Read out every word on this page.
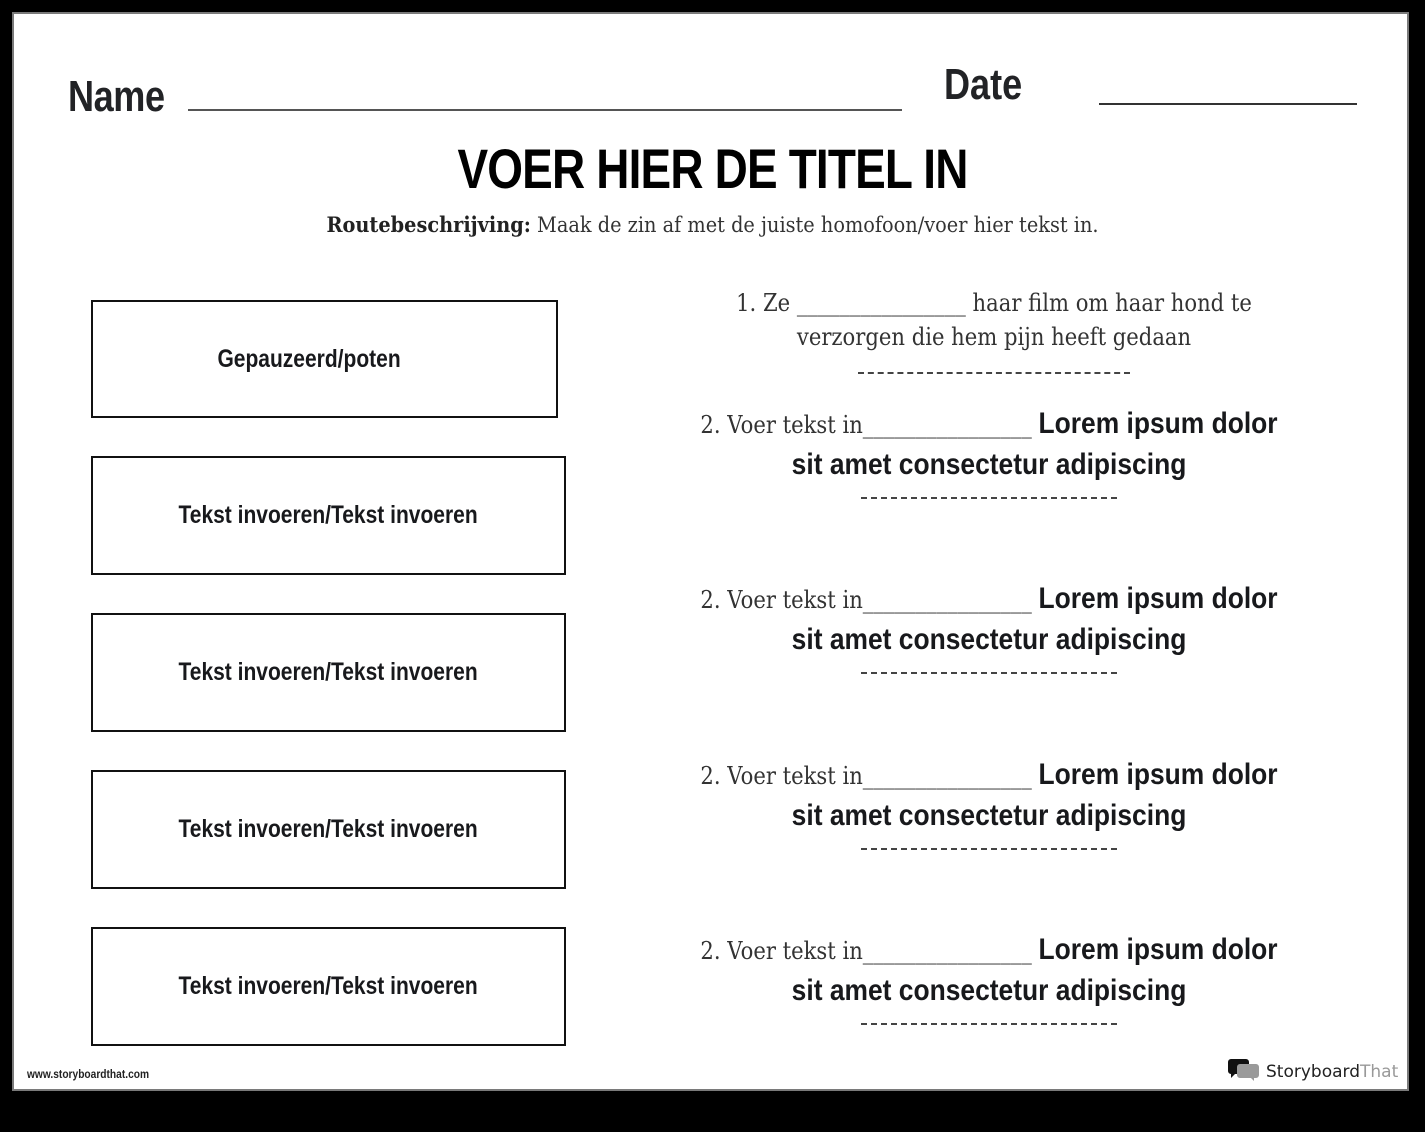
Name	Date
VOER HIER DE TITEL IN
Routebeschrijving: Maak de zin af met de juiste homofoon/voer hier tekst in.
Gepauzeerd/poten
Tekst invoeren/Tekst invoeren
Tekst invoeren/Tekst invoeren
Tekst invoeren/Tekst invoeren
Tekst invoeren/Tekst invoeren
1. Ze ________________ haar film om haar hond te
verzorgen die hem pijn heeft gedaan
2. Voer tekst in________________ Lorem ipsum dolor
sit amet consectetur adipiscing
2. Voer tekst in________________ Lorem ipsum dolor
sit amet consectetur adipiscing
2. Voer tekst in________________ Lorem ipsum dolor
sit amet consectetur adipiscing
2. Voer tekst in________________ Lorem ipsum dolor
sit amet consectetur adipiscing
www.storyboardthat.com	StoryboardThat
